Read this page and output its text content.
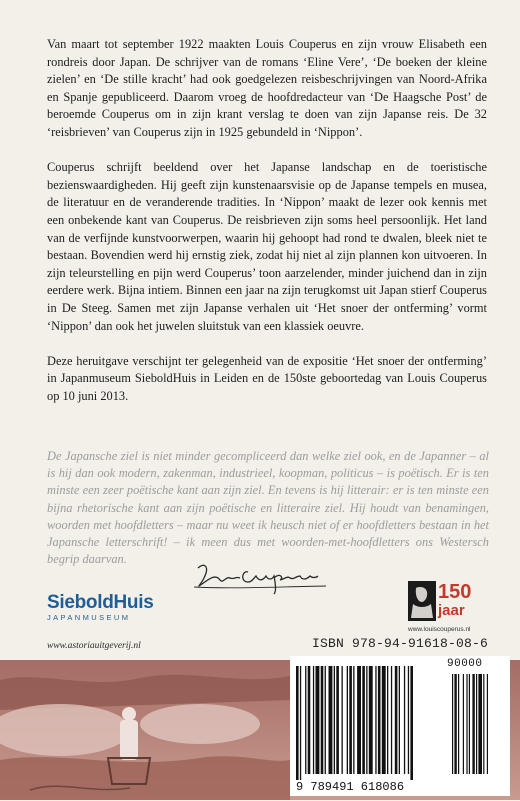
Van maart tot september 1922 maakten Louis Couperus en zijn vrouw Elisabeth een rondreis door Japan. De schrijver van de romans ‘Eline Vere’, ‘De boeken der kleine zielen’ en ‘De stille kracht’ had ook goedgelezen reisbeschrijvingen van Noord-Afrika en Spanje gepubliceerd. Daarom vroeg de hoofdredacteur van ‘De Haagsche Post’ de beroemde Couperus om in zijn krant verslag te doen van zijn Japanse reis. De 32 ‘reisbrieven’ van Couperus zijn in 1925 gebundeld in ‘Nippon’.

Couperus schrijft beeldend over het Japanse landschap en de toeristische bezienswaardigheden. Hij geeft zijn kunstenaarsvisie op de Japanse tempels en musea, de literatuur en de veranderende tradities. In ‘Nippon’ maakt de lezer ook kennis met een onbekende kant van Couperus. De reisbrieven zijn soms heel persoonlijk. Het land van de verfijnde kunstvoorwerpen, waarin hij gehoopt had rond te dwalen, bleek niet te bestaan. Bovendien werd hij ernstig ziek, zodat hij niet al zijn plannen kon uitvoeren. In zijn teleurstelling en pijn werd Couperus’ toon aarzelender, minder juichend dan in zijn eerdere werk. Bijna intiem. Binnen een jaar na zijn terugkomst uit Japan stierf Couperus in De Steeg. Samen met zijn Japanse verhalen uit ‘Het snoer der ontferming’ vormt ‘Nippon’ dan ook het juwelen sluitstuk van een klassiek oeuvre.

Deze heruitgave verschijnt ter gelegenheid van de expositie ‘Het snoer der ontferming’ in Japanmuseum SieboldHuis in Leiden en de 150ste geboortedag van Louis Couperus op 10 juni 2013.

De Japansche ziel is niet minder gecompliceerd dan welke ziel ook, en de Japanner – al is hij dan ook modern, zakenman, industrieel, koopman, politicus – is poëtisch. Er is ten minste een zeer poëtische kant aan zijn ziel. En tevens is hij litterair: er is ten minste een bijna rhetorische kant aan zijn poëtische en litteraire ziel. Hij houdt van benamingen, woorden met hoofdletters – maar nu weet ik heusch niet of er hoofdletters bestaan in het Japansche letterschrift! – ik meen dus met woorden-met-hoofdletters ons Westersch begrip daarvan.

SieboldHuis
JAPANMUSEUM
150
jaar
www.louiscouperus.nl
www.astoriauitgeverij.nl	ISBN 978-94-91618-08-6
90000
9 789491 618086
